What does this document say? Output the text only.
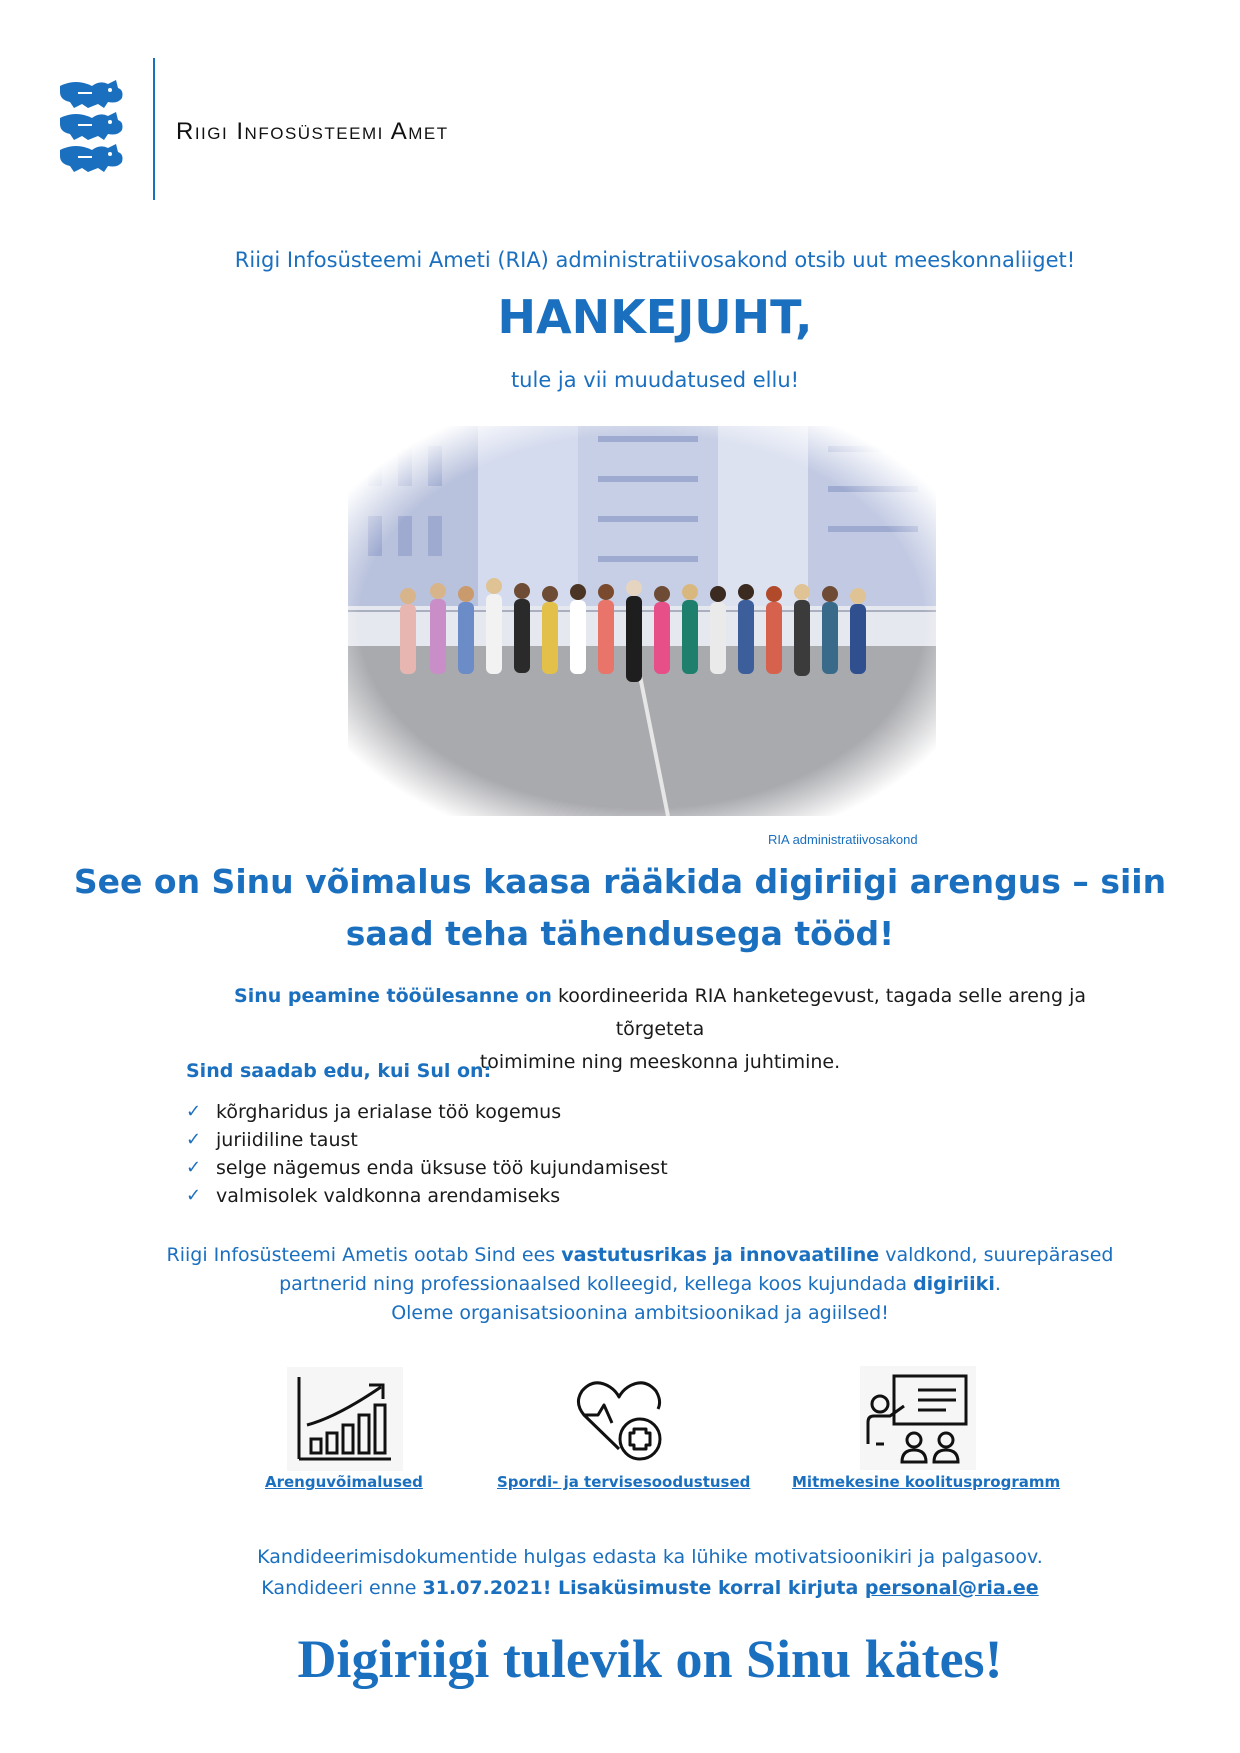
Riigi Infosüsteemi Amet
Riigi Infosüsteemi Ameti (RIA) administratiivosakond otsib uut meeskonnaliiget!
HANKEJUHT,
tule ja vii muudatused ellu!
RIA administratiivosakond
See on Sinu võimalus kaasa rääkida digiriigi arengus – siin
saad teha tähendusega tööd!
Sinu peamine tööülesanne on koordineerida RIA hanketegevust, tagada selle areng ja tõrgeteta
toimimine ning meeskonna juhtimine.
Sind saadab edu, kui Sul on:
✓ kõrgharidus ja erialase töö kogemus
✓ juriidiline taust
✓ selge nägemus enda üksuse töö kujundamisest
✓ valmisolek valdkonna arendamiseks
Riigi Infosüsteemi Ametis ootab Sind ees vastutusrikas ja innovaatiline valdkond, suurepärased
partnerid ning professionaalsed kolleegid, kellega koos kujundada digiriiki.
Oleme organisatsioonina ambitsioonikad ja agiilsed!
Arenguvõimalused	Spordi- ja tervisesoodustused	Mitmekesine koolitusprogramm
Kandideerimisdokumentide hulgas edasta ka lühike motivatsioonikiri ja palgasoov.
Kandideeri enne 31.07.2021! Lisaküsimuste korral kirjuta personal@ria.ee
Digiriigi tulevik on Sinu kätes!
